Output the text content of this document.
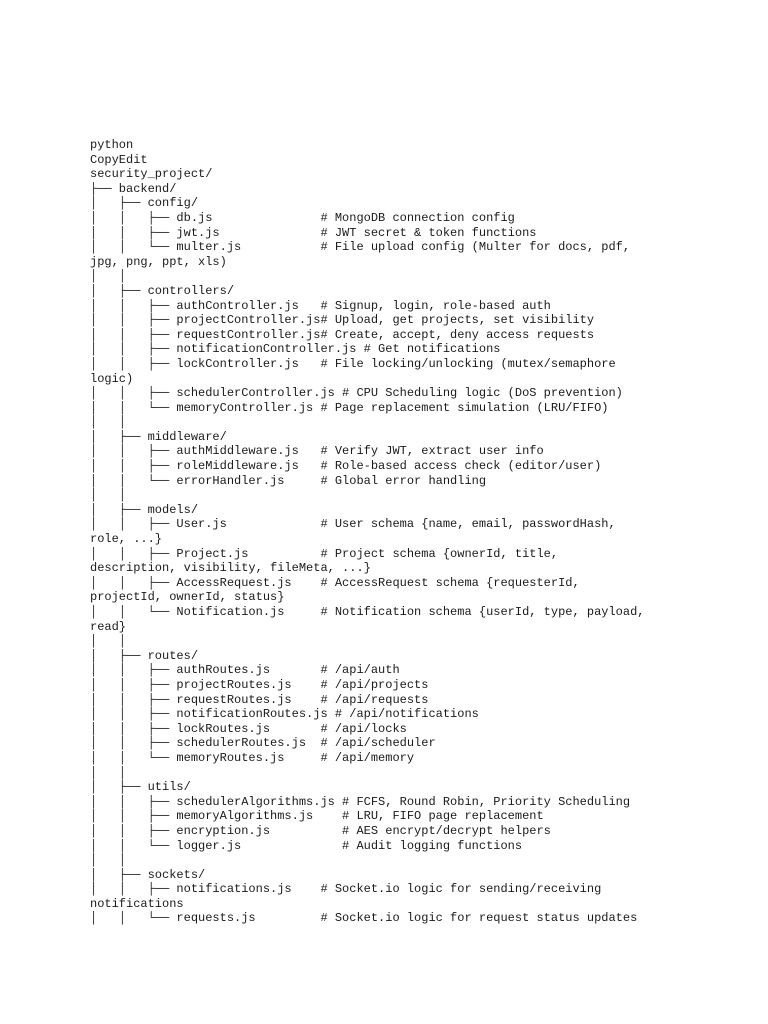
python
CopyEdit
security_project/
├── backend/
│   ├── config/
│   │   ├── db.js               # MongoDB connection config
│   │   ├── jwt.js              # JWT secret & token functions
│   │   └── multer.js           # File upload config (Multer for docs, pdf,
jpg, png, ppt, xls)
│   │
│   ├── controllers/
│   │   ├── authController.js   # Signup, login, role-based auth
│   │   ├── projectController.js# Upload, get projects, set visibility
│   │   ├── requestController.js# Create, accept, deny access requests
│   │   ├── notificationController.js # Get notifications
│   │   ├── lockController.js   # File locking/unlocking (mutex/semaphore
logic)
│   │   ├── schedulerController.js # CPU Scheduling logic (DoS prevention)
│   │   └── memoryController.js # Page replacement simulation (LRU/FIFO)
│   │
│   ├── middleware/
│   │   ├── authMiddleware.js   # Verify JWT, extract user info
│   │   ├── roleMiddleware.js   # Role-based access check (editor/user)
│   │   └── errorHandler.js     # Global error handling
│   │
│   ├── models/
│   │   ├── User.js             # User schema {name, email, passwordHash,
role, ...}
│   │   ├── Project.js          # Project schema {ownerId, title,
description, visibility, fileMeta, ...}
│   │   ├── AccessRequest.js    # AccessRequest schema {requesterId,
projectId, ownerId, status}
│   │   └── Notification.js     # Notification schema {userId, type, payload,
read}
│   │
│   ├── routes/
│   │   ├── authRoutes.js       # /api/auth
│   │   ├── projectRoutes.js    # /api/projects
│   │   ├── requestRoutes.js    # /api/requests
│   │   ├── notificationRoutes.js # /api/notifications
│   │   ├── lockRoutes.js       # /api/locks
│   │   ├── schedulerRoutes.js  # /api/scheduler
│   │   └── memoryRoutes.js     # /api/memory
│   │
│   ├── utils/
│   │   ├── schedulerAlgorithms.js # FCFS, Round Robin, Priority Scheduling
│   │   ├── memoryAlgorithms.js    # LRU, FIFO page replacement
│   │   ├── encryption.js          # AES encrypt/decrypt helpers
│   │   └── logger.js              # Audit logging functions
│   │
│   ├── sockets/
│   │   ├── notifications.js    # Socket.io logic for sending/receiving
notifications
│   │   └── requests.js         # Socket.io logic for request status updates
